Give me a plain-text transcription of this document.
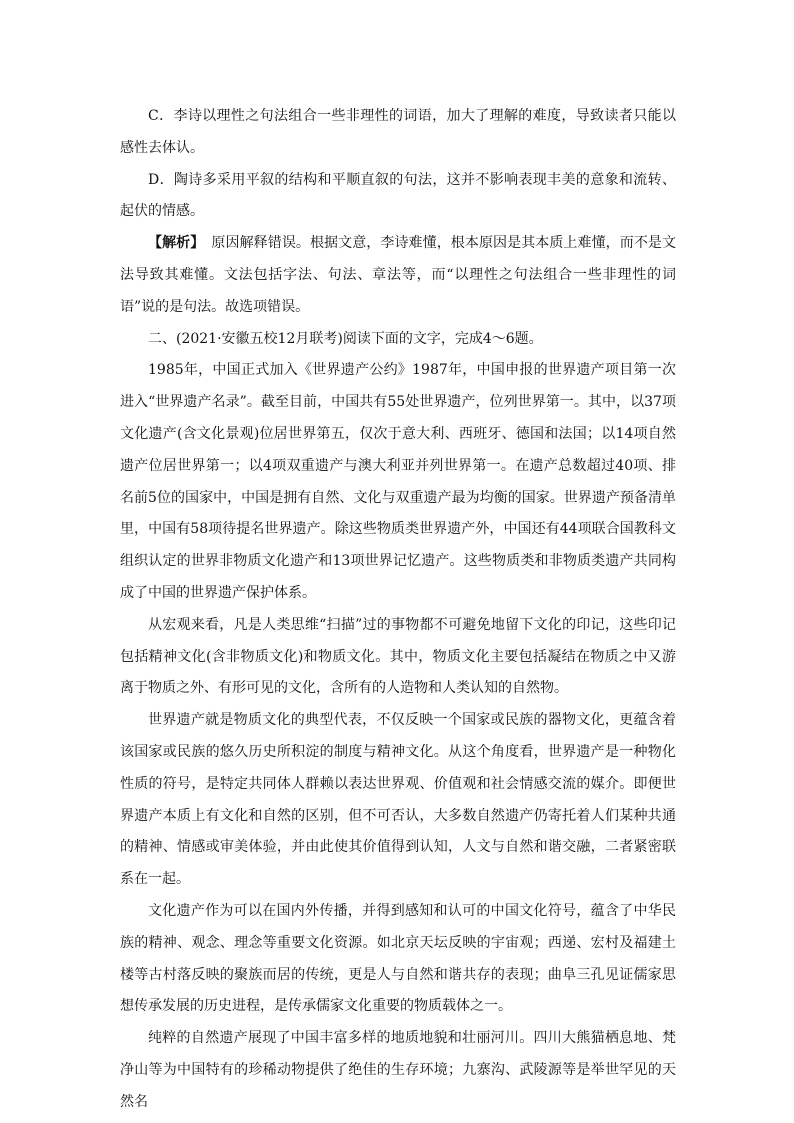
C．李诗以理性之句法组合一些非理性的词语，加大了理解的难度，导致读者只能以感性去体认。

D．陶诗多采用平叙的结构和平顺直叙的句法，这并不影响表现丰美的意象和流转、起伏的情感。

【解析】　原因解释错误。根据文意，李诗难懂，根本原因是其本质上难懂，而不是文法导致其难懂。文法包括字法、句法、章法等，而“以理性之句法组合一些非理性的词语”说的是句法。故选项错误。

二、(2021·安徽五校12月联考)阅读下面的文字，完成4～6题。

1985年，中国正式加入《世界遗产公约》1987年，中国申报的世界遗产项目第一次进入“世界遗产名录”。截至目前，中国共有55处世界遗产，位列世界第一。其中，以37项文化遗产(含文化景观)位居世界第五，仅次于意大利、西班牙、德国和法国；以14项自然遗产位居世界第一；以4项双重遗产与澳大利亚并列世界第一。在遗产总数超过40项、排名前5位的国家中，中国是拥有自然、文化与双重遗产最为均衡的国家。世界遗产预备清单里，中国有58项待提名世界遗产。除这些物质类世界遗产外，中国还有44项联合国教科文组织认定的世界非物质文化遗产和13项世界记忆遗产。这些物质类和非物质类遗产共同构成了中国的世界遗产保护体系。

从宏观来看，凡是人类思维“扫描”过的事物都不可避免地留下文化的印记，这些印记包括精神文化(含非物质文化)和物质文化。其中，物质文化主要包括凝结在物质之中又游离于物质之外、有形可见的文化，含所有的人造物和人类认知的自然物。

世界遗产就是物质文化的典型代表，不仅反映一个国家或民族的器物文化，更蕴含着该国家或民族的悠久历史所积淀的制度与精神文化。从这个角度看，世界遗产是一种物化性质的符号，是特定共同体人群赖以表达世界观、价值观和社会情感交流的媒介。即便世界遗产本质上有文化和自然的区别，但不可否认，大多数自然遗产仍寄托着人们某种共通的精神、情感或审美体验，并由此使其价值得到认知，人文与自然和谐交融，二者紧密联系在一起。

文化遗产作为可以在国内外传播，并得到感知和认可的中国文化符号，蕴含了中华民族的精神、观念、理念等重要文化资源。如北京天坛反映的宇宙观；西递、宏村及福建土楼等古村落反映的聚族而居的传统，更是人与自然和谐共存的表现；曲阜三孔见证儒家思想传承发展的历史进程，是传承儒家文化重要的物质载体之一。

纯粹的自然遗产展现了中国丰富多样的地质地貌和壮丽河川。四川大熊猫栖息地、梵净山等为中国特有的珍稀动物提供了绝佳的生存环境；九寨沟、武陵源等是举世罕见的天然名
